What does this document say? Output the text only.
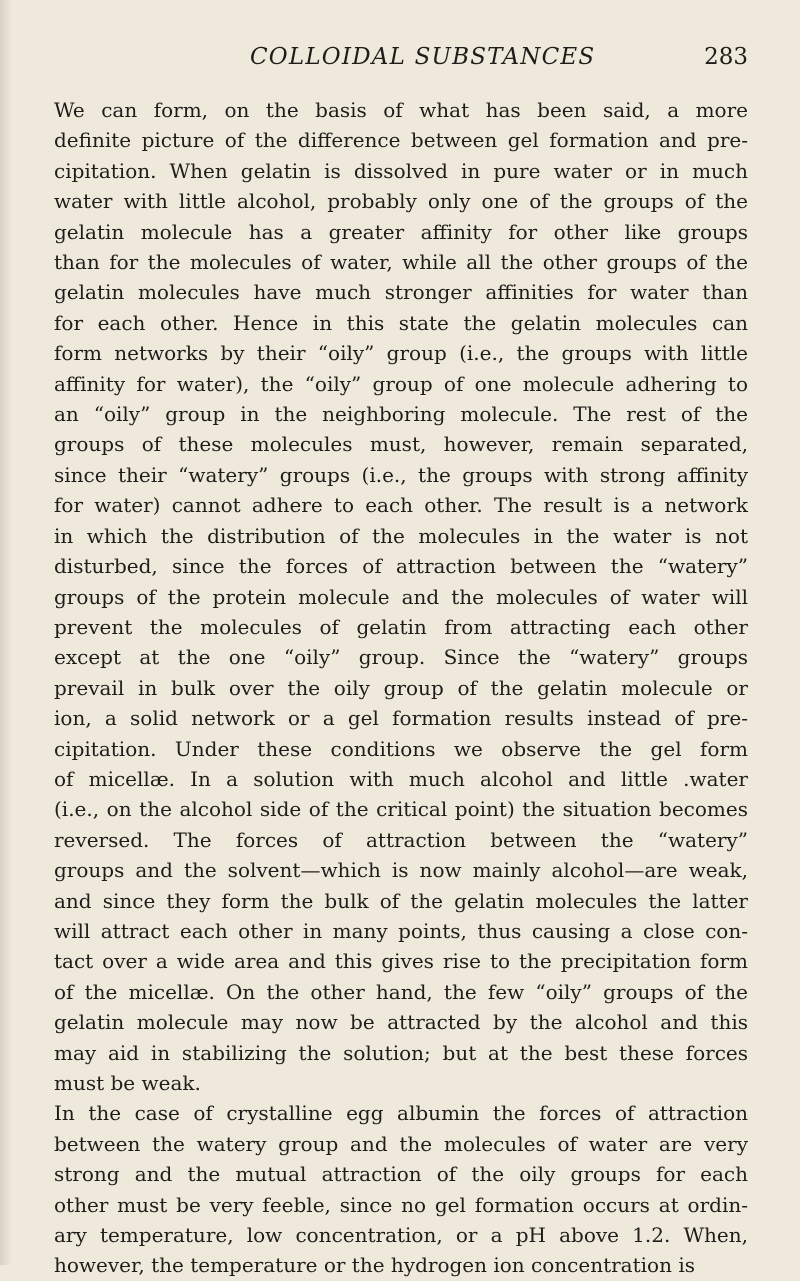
COLLOIDAL SUBSTANCES	283
We can form, on the basis of what has been said, a more
definite picture of the difference between gel formation and pre-
cipitation. When gelatin is dissolved in pure water or in much
water with little alcohol, probably only one of the groups of the
gelatin molecule has a greater affinity for other like groups
than for the molecules of water, while all the other groups of the
gelatin molecules have much stronger affinities for water than
for each other. Hence in this state the gelatin molecules can
form networks by their “oily” group (i.e., the groups with little
affinity for water), the “oily” group of one molecule adhering to
an “oily” group in the neighboring molecule. The rest of the
groups of these molecules must, however, remain separated,
since their “watery” groups (i.e., the groups with strong affinity
for water) cannot adhere to each other. The result is a network
in which the distribution of the molecules in the water is not
disturbed, since the forces of attraction between the “watery”
groups of the protein molecule and the molecules of water will
prevent the molecules of gelatin from attracting each other
except at the one “oily” group. Since the “watery” groups
prevail in bulk over the oily group of the gelatin molecule or
ion, a solid network or a gel formation results instead of pre-
cipitation. Under these conditions we observe the gel form
of micellæ. In a solution with much alcohol and little .water
(i.e., on the alcohol side of the critical point) the situation becomes
reversed. The forces of attraction between the “watery”
groups and the solvent—which is now mainly alcohol—are weak,
and since they form the bulk of the gelatin molecules the latter
will attract each other in many points, thus causing a close con-
tact over a wide area and this gives rise to the precipitation form
of the micellæ. On the other hand, the few “oily” groups of the
gelatin molecule may now be attracted by the alcohol and this
may aid in stabilizing the solution; but at the best these forces
must be weak.
In the case of crystalline egg albumin the forces of attraction
between the watery group and the molecules of water are very
strong and the mutual attraction of the oily groups for each
other must be very feeble, since no gel formation occurs at ordin-
ary temperature, low concentration, or a pH above 1.2. When,
however, the temperature or the hydrogen ion concentration is
